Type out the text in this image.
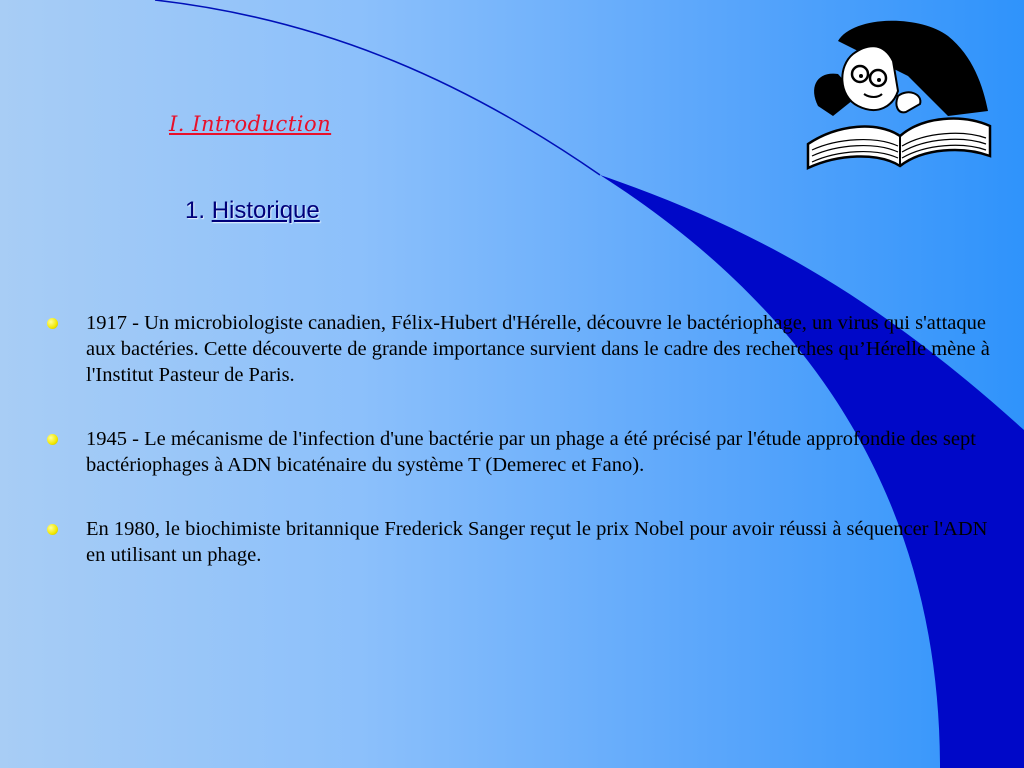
I. Introduction
1. Historique
1917 - Un microbiologiste canadien, Félix-Hubert d'Hérelle, découvre le bactériophage, un virus qui s'attaque aux bactéries. Cette découverte de grande importance survient dans le cadre des recherches qu’Hérelle mène à l'Institut Pasteur de Paris.
1945 - Le mécanisme de l'infection d'une bactérie par un phage a été précisé par l'étude approfondie des sept bactériophages à ADN bicaténaire du système T (Demerec et Fano).
En 1980, le biochimiste britannique Frederick Sanger reçut le prix Nobel pour avoir réussi à séquencer l'ADN en utilisant un phage.
